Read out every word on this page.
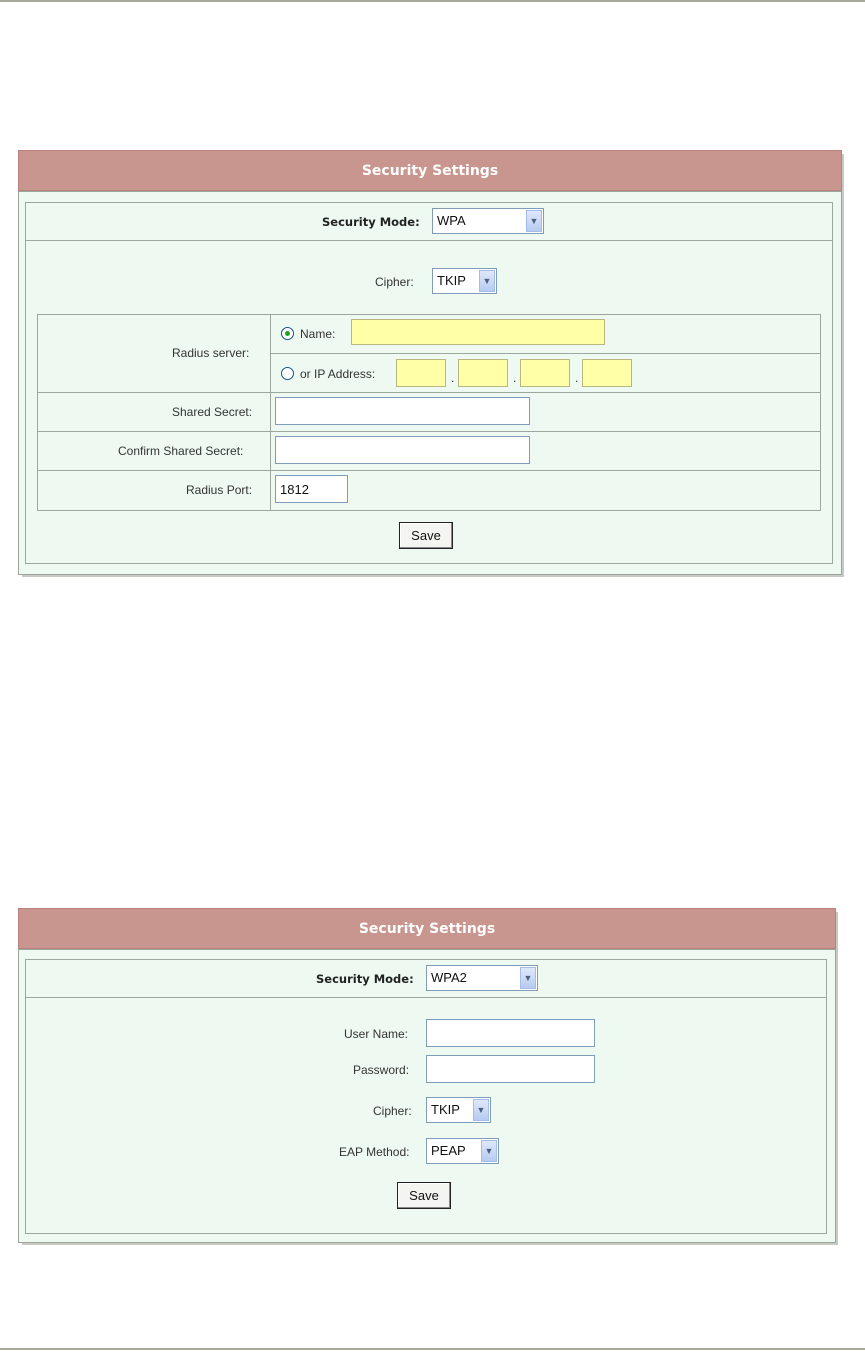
Security Settings
Security Mode: WPA	▼
Cipher: TKIP	▼
Radius server:
Name:
or IP Address:	.	.	.
Shared Secret:
Confirm Shared Secret:
Radius Port:
1812
Save
Security Settings
Security Mode: WPA2	▼
User Name:
Password:
Cipher: TKIP	▼
EAP Method: PEAP	▼
Save
